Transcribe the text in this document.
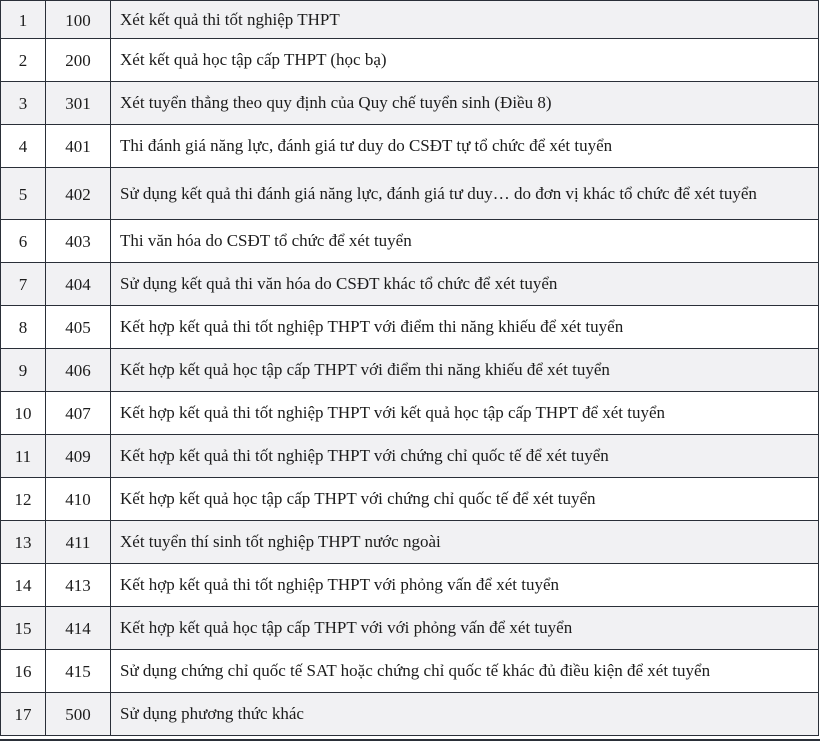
1	100	Xét kết quả thi tốt nghiệp THPT
2	200	Xét kết quả học tập cấp THPT (học bạ)
3	301	Xét tuyển thẳng theo quy định của Quy chế tuyển sinh (Điều 8)
4	401	Thi đánh giá năng lực, đánh giá tư duy do CSĐT tự tổ chức để xét tuyển
5	402	Sử dụng kết quả thi đánh giá năng lực, đánh giá tư duy… do đơn vị khác tổ chức để xét tuyển
6	403	Thi văn hóa do CSĐT tổ chức để xét tuyển
7	404	Sử dụng kết quả thi văn hóa do CSĐT khác tổ chức để xét tuyển
8	405	Kết hợp kết quả thi tốt nghiệp THPT với điểm thi năng khiếu để xét tuyển
9	406	Kết hợp kết quả học tập cấp THPT với điểm thi năng khiếu để xét tuyển
10	407	Kết hợp kết quả thi tốt nghiệp THPT với kết quả học tập cấp THPT để xét tuyển
11	409	Kết hợp kết quả thi tốt nghiệp THPT với chứng chỉ quốc tế để xét tuyển
12	410	Kết hợp kết quả học tập cấp THPT với chứng chỉ quốc tế để xét tuyển
13	411	Xét tuyển thí sinh tốt nghiệp THPT nước ngoài
14	413	Kết hợp kết quả thi tốt nghiệp THPT với phỏng vấn để xét tuyển
15	414	Kết hợp kết quả học tập cấp THPT với với phỏng vấn để xét tuyển
16	415	Sử dụng chứng chỉ quốc tế SAT hoặc chứng chỉ quốc tế khác đủ điều kiện để xét tuyển
17	500	Sử dụng phương thức khác
